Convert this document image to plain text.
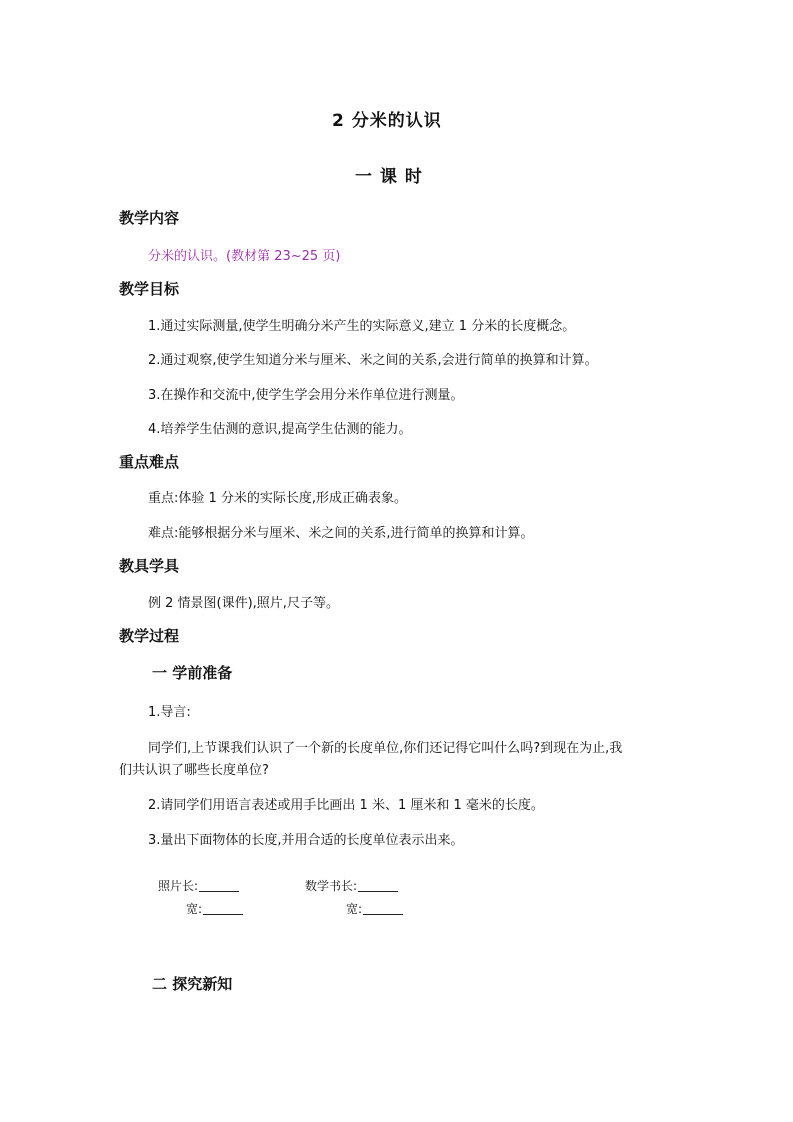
2 分米的认识
一 课 时
教学内容
分米的认识。(教材第 23~25 页)
教学目标
1.通过实际测量,使学生明确分米产生的实际意义,建立 1 分米的长度概念。
2.通过观察,使学生知道分米与厘米、米之间的关系,会进行简单的换算和计算。
3.在操作和交流中,使学生学会用分米作单位进行测量。
4.培养学生估测的意识,提高学生估测的能力。
重点难点
重点:体验 1 分米的实际长度,形成正确表象。
难点:能够根据分米与厘米、米之间的关系,进行简单的换算和计算。
教具学具
例 2 情景图(课件),照片,尺子等。
教学过程
一 学前准备
1.导言:
同学们,上节课我们认识了一个新的长度单位,你们还记得它叫什么吗?到现在为止,我
们共认识了哪些长度单位?
2.请同学们用语言表述或用手比画出 1 米、1 厘米和 1 毫米的长度。
3.量出下面物体的长度,并用合适的长度单位表示出来。
照片长:
宽:
数学书长:
宽:
二 探究新知
